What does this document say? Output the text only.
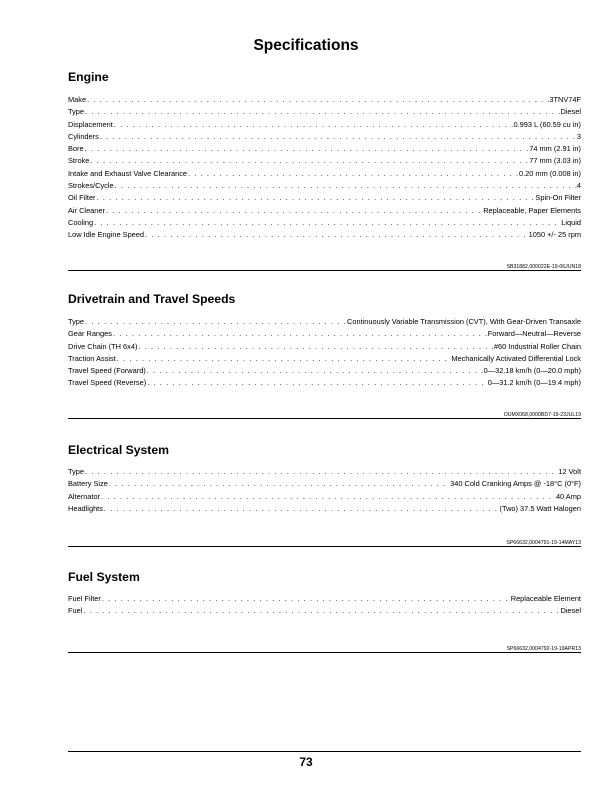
Specifications
Engine
Make . . .	3TNV74F
Type . . .	Diesel
Displacement . . .	0.993 L (60.59 cu in)
Cylinders . . .	3
Bore . . .	74 mm (2.91 in)
Stroke . . .	77 mm (3.03 in)
Intake and Exhaust Valve Clearance . . .	0.20 mm (0.008 in)
Strokes/Cycle . . .	4
Oil Filter . . .	Spin-On Filter
Air Cleaner . . .	Replaceable, Paper Elements
Cooling . . .	Liquid
Low Idle Engine Speed . . .	1050 +/- 25 rpm
SB31882,000022E-19-06JUN18
Drivetrain and Travel Speeds
Type . . .	Continuously Variable Transmission (CVT), With Gear-Driven Transaxle
Gear Ranges . . .	Forward—Neutral—Reverse
Drive Chain (TH 6x4) . . .	#60 Industrial Roller Chain
Traction Assist . . .	Mechanically Activated Differential Lock
Travel Speed (Forward) . . .	0—32.18 km/h (0—20.0 mph)
Travel Speed (Reverse) . . .	0—31.2 km/h (0—19.4 mph)
OUMX068,0000BD7-19-23JUL19
Electrical System
Type . . .	12 Volt
Battery Size . . .	340 Cold Cranking Amps @ -18°C (0°F)
Alternator . . .	40 Amp
Headlights . . .	(Two) 37.5 Watt Halogen
SP66632,0004791-19-14MAY13
Fuel System
Fuel Filter . . .	Replaceable Element
Fuel . . .	Diesel
SP66632,0004792-19-19APR13
73
